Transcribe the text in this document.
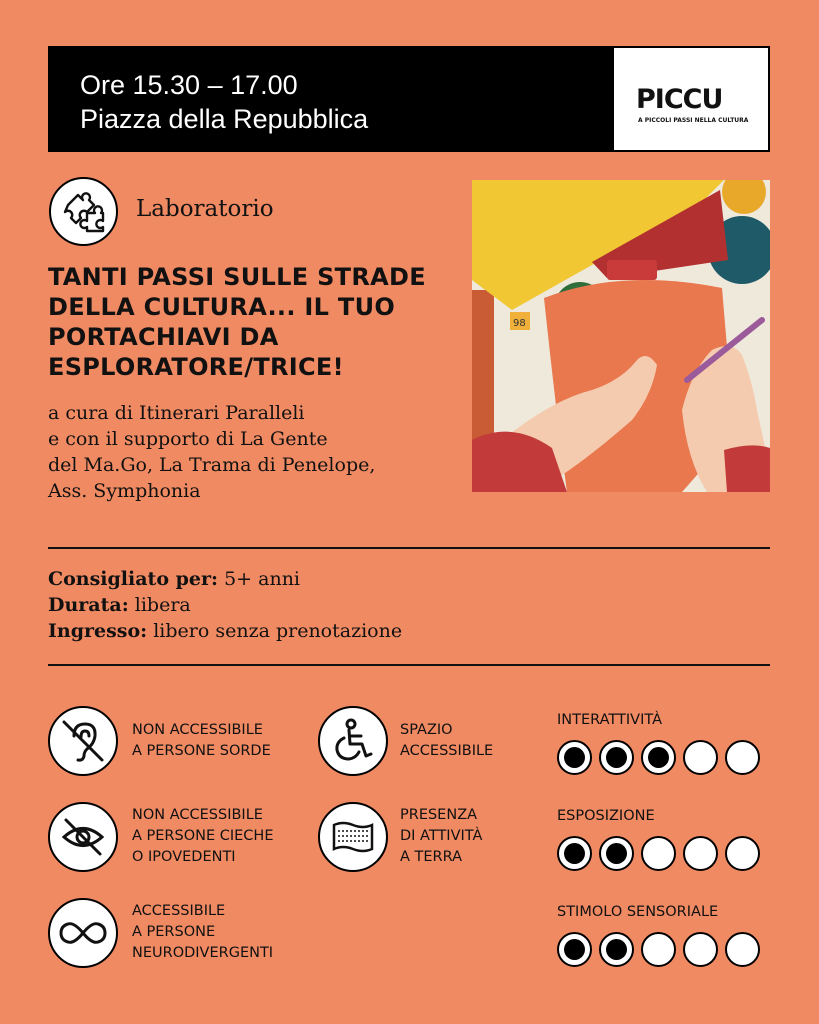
Ore 15.30 – 17.00
Piazza della Repubblica
PICCU
A PICCOLI PASSI NELLA CULTURA
Laboratorio
TANTI PASSI SULLE STRADE
DELLA CULTURA... IL TUO
PORTACHIAVI DA
ESPLORATORE/TRICE!
a cura di Itinerari Paralleli
e con il supporto di La Gente
del Ma.Go, La Trama di Penelope,
Ass. Symphonia
98
Consigliato per: 5+ anni
Durata: libera
Ingresso: libero senza prenotazione
NON ACCESSIBILE
A PERSONE SORDE
NON ACCESSIBILE
A PERSONE CIECHE
O IPOVEDENTI
ACCESSIBILE
A PERSONE
NEURODIVERGENTI
SPAZIO
ACCESSIBILE
PRESENZA
DI ATTIVITÀ
A TERRA
INTERATTIVITÀ
ESPOSIZIONE
STIMOLO SENSORIALE
